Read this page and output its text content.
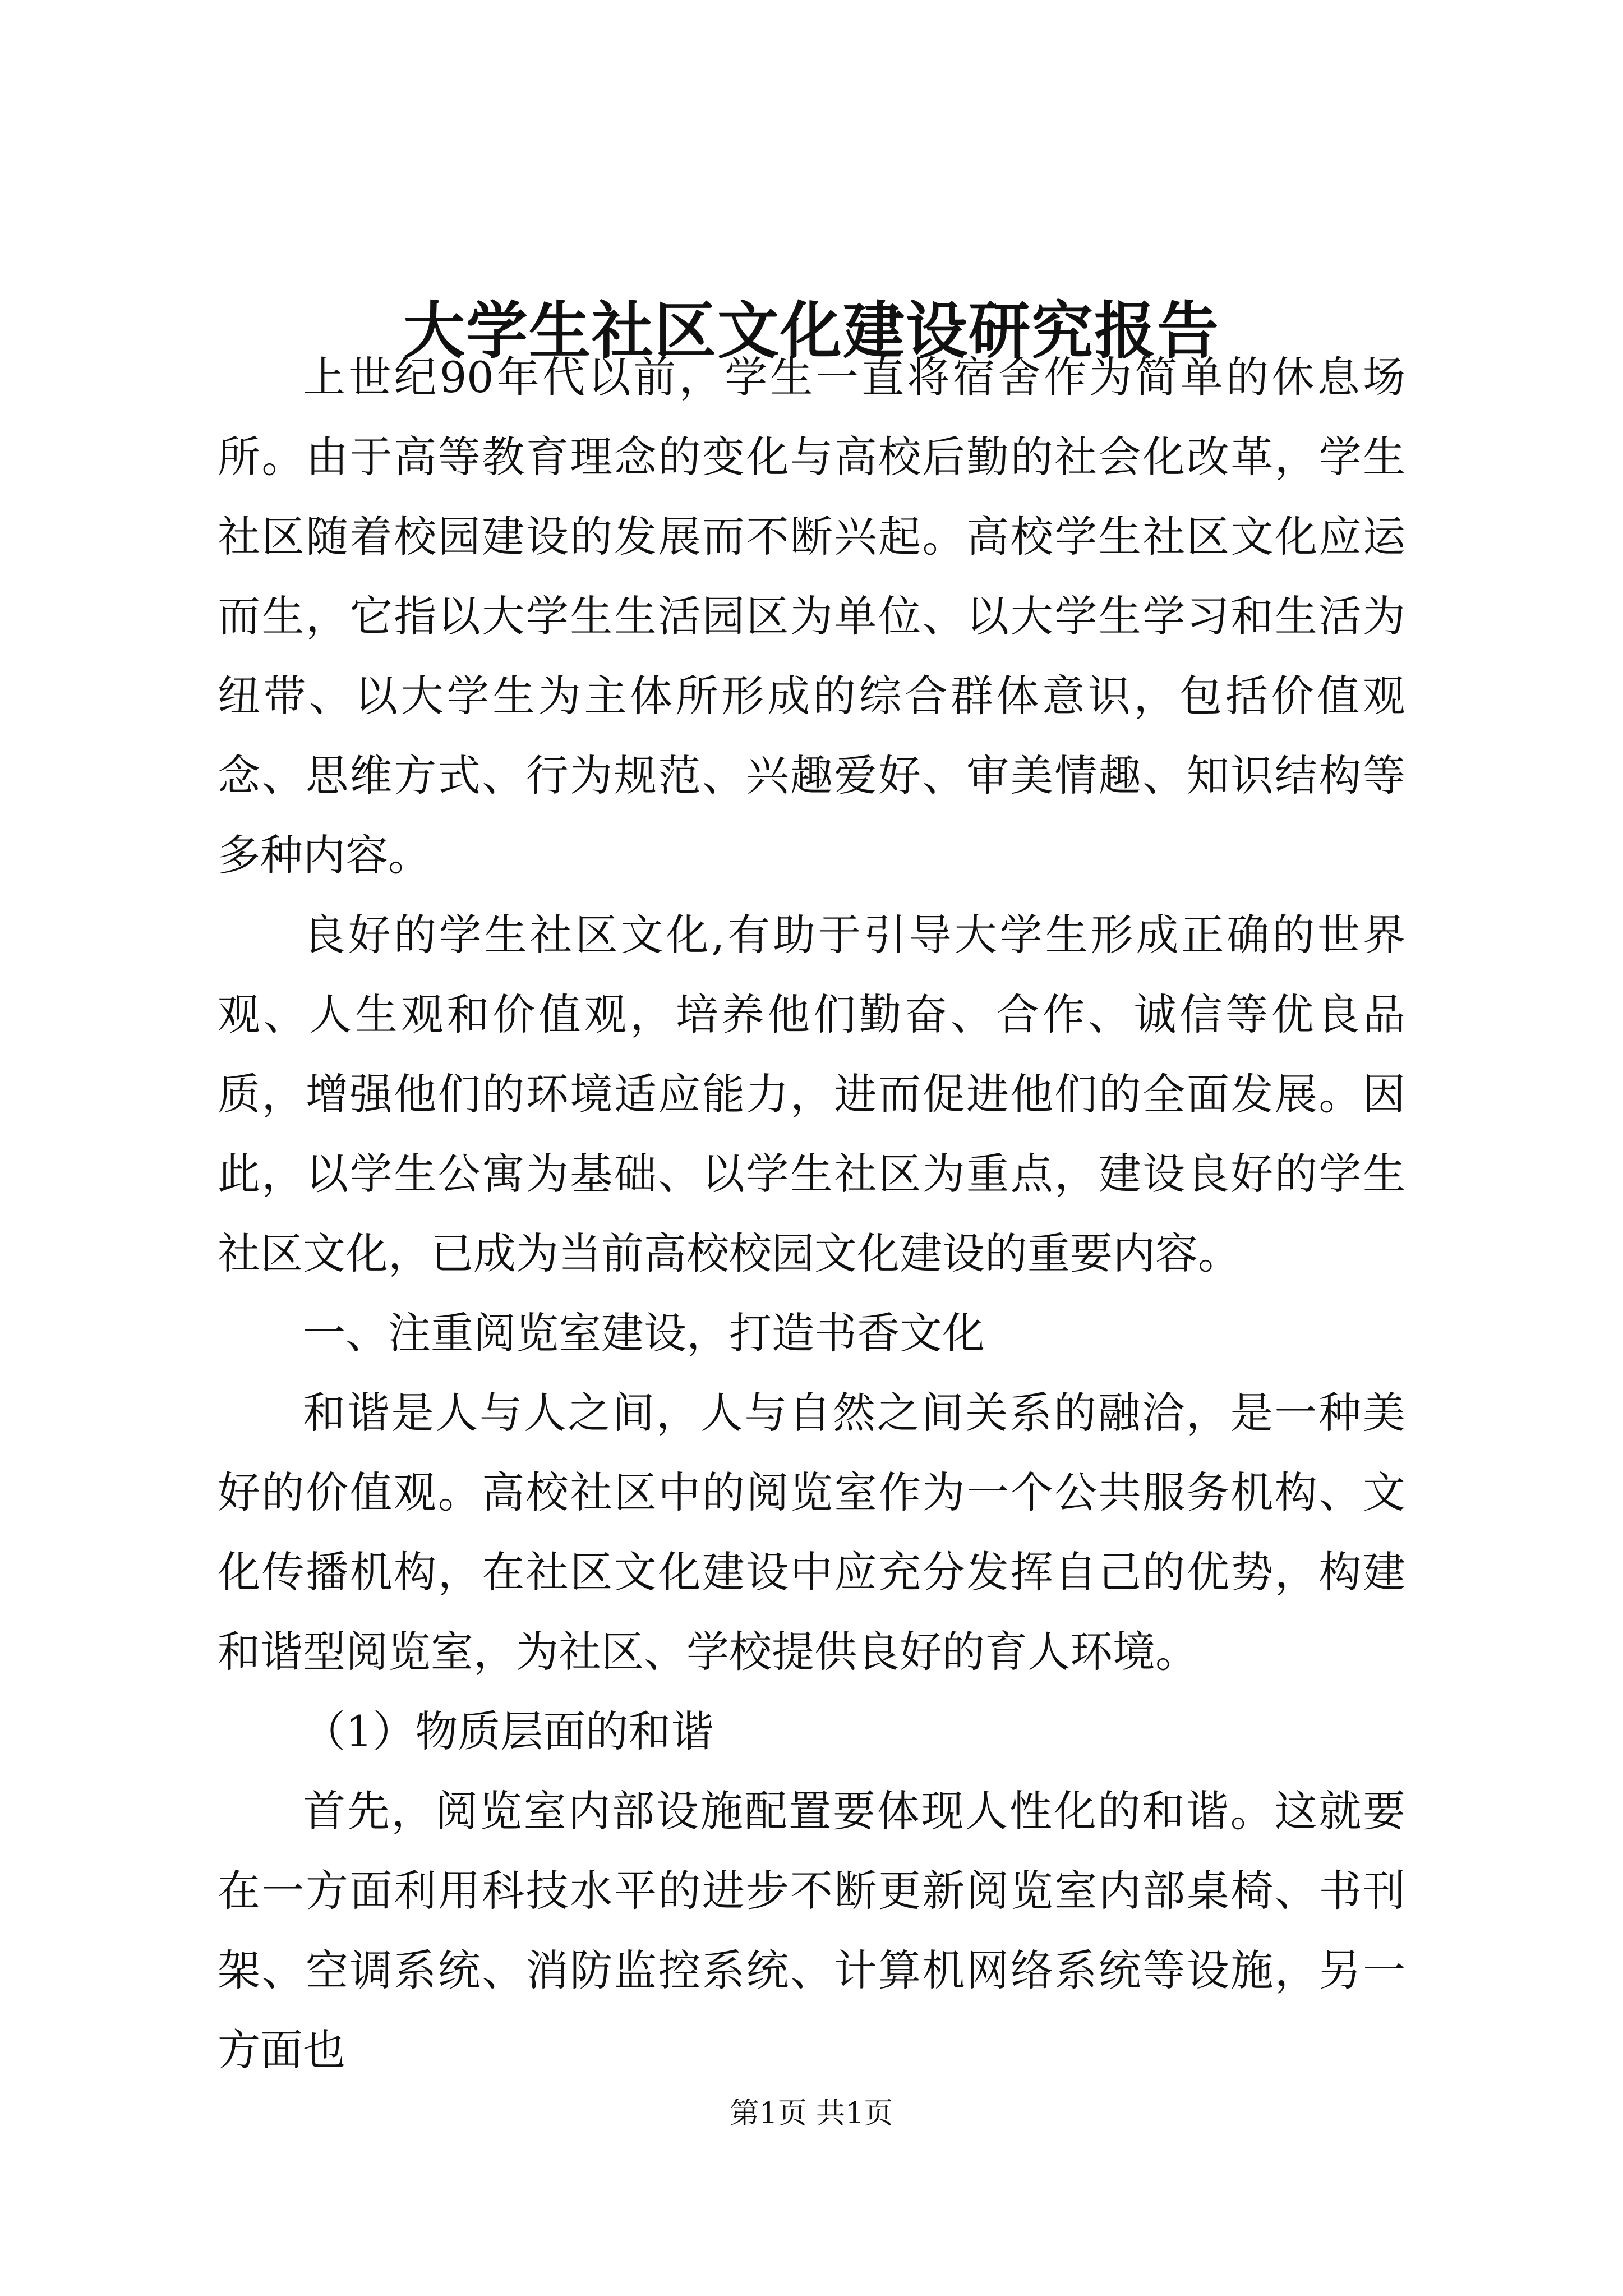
大学生社区文化建设研究报告

上世纪90年代以前，学生一直将宿舍作为简单的休息场所。由于高等教育理念的变化与高校后勤的社会化改革，学生社区随着校园建设的发展而不断兴起。高校学生社区文化应运而生，它指以大学生生活园区为单位、以大学生学习和生活为纽带、以大学生为主体所形成的综合群体意识，包括价值观念、思维方式、行为规范、兴趣爱好、审美情趣、知识结构等多种内容。

良好的学生社区文化,有助于引导大学生形成正确的世界观、人生观和价值观，培养他们勤奋、合作、诚信等优良品质，增强他们的环境适应能力，进而促进他们的全面发展。因此，以学生公寓为基础、以学生社区为重点，建设良好的学生社区文化，已成为当前高校校园文化建设的重要内容。

一、注重阅览室建设，打造书香文化

和谐是人与人之间，人与自然之间关系的融洽，是一种美好的价值观。高校社区中的阅览室作为一个公共服务机构、文化传播机构，在社区文化建设中应充分发挥自己的优势，构建和谐型阅览室，为社区、学校提供良好的育人环境。

（1）物质层面的和谐

首先，阅览室内部设施配置要体现人性化的和谐。这就要在一方面利用科技水平的进步不断更新阅览室内部桌椅、书刊架、空调系统、消防监控系统、计算机网络系统等设施，另一方面也

第1页 共1页
